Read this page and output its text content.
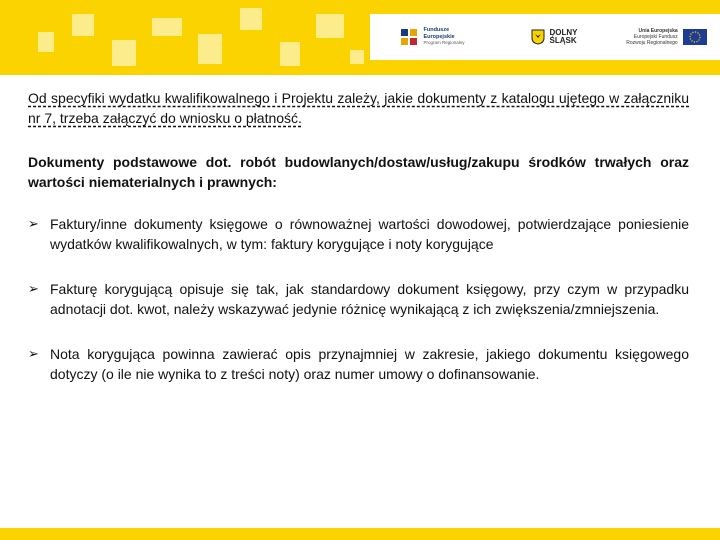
Fundusze
Europejskie
Program Regionalny
DOLNY
ŚLĄSK
Unia Europejska
Europejski Fundusz
Rozwoju Regionalnego

Od specyfiki wydatku kwalifikowalnego i Projektu zależy, jakie dokumenty z katalogu ujętego w załączniku nr 7, trzeba załączyć do wniosku o płatność.

Dokumenty podstawowe dot. robót budowlanych/dostaw/usług/zakupu środków trwałych oraz wartości niematerialnych i prawnych:

➢ Faktury/inne dokumenty księgowe o równoważnej wartości dowodowej, potwierdzające poniesienie wydatków kwalifikowalnych, w tym: faktury korygujące i noty korygujące
➢ Fakturę korygującą opisuje się tak, jak standardowy dokument księgowy, przy czym w przypadku adnotacji dot. kwot, należy wskazywać jedynie różnicę wynikającą z ich zwiększenia/zmniejszenia.
➢ Nota korygująca powinna zawierać opis przynajmniej w zakresie, jakiego dokumentu księgowego dotyczy (o ile nie wynika to z treści noty) oraz numer umowy o dofinansowanie.
